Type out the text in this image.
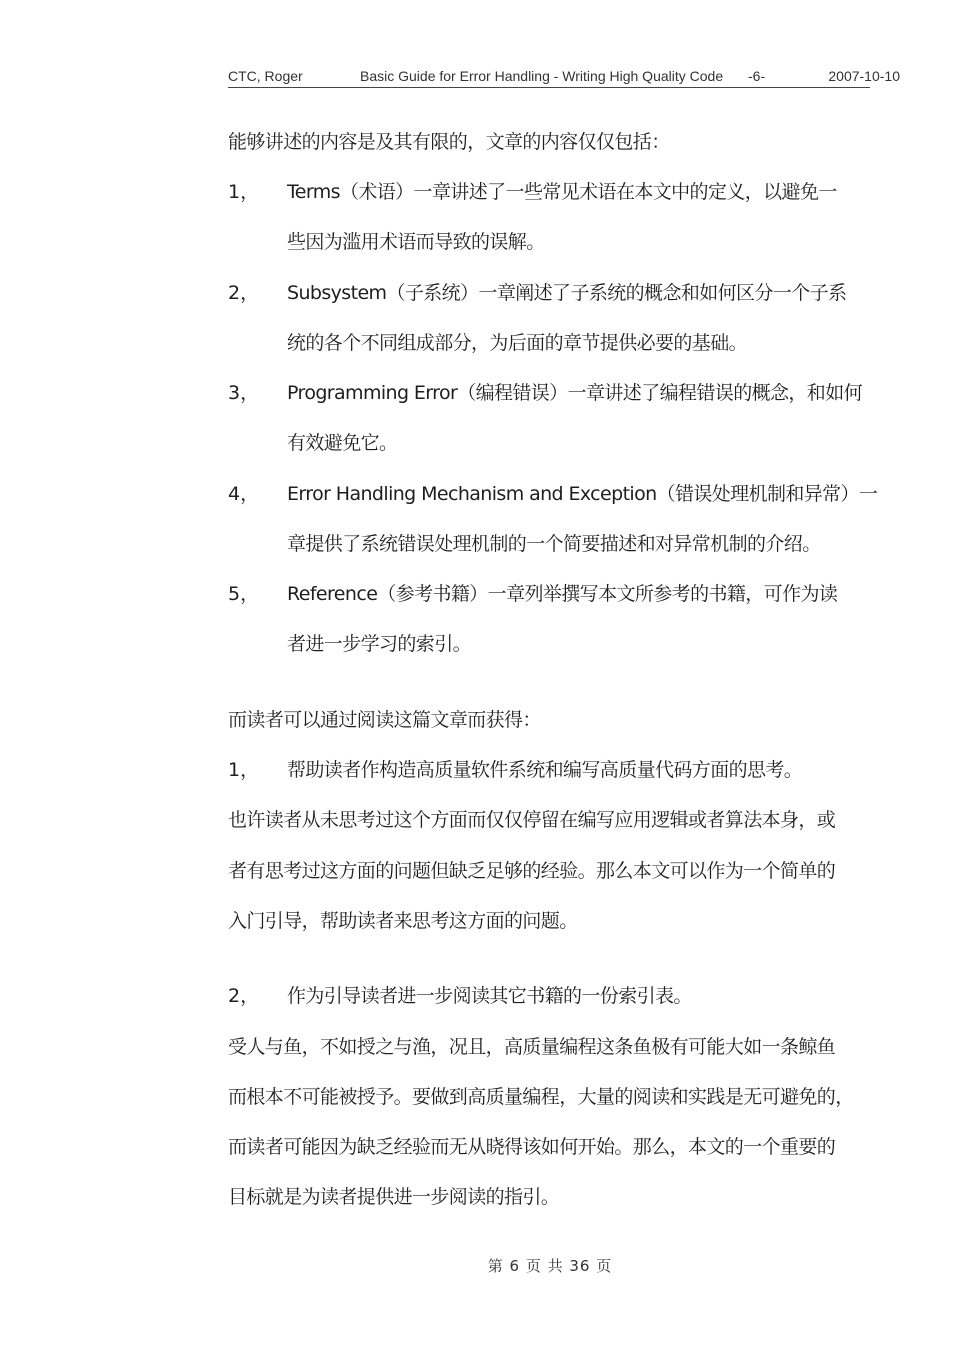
CTC, Roger	Basic Guide for Error Handling - Writing High Quality Code -6-	2007-10-10
能够讲述的内容是及其有限的，文章的内容仅仅包括：
1， Terms（术语）一章讲述了一些常见术语在本文中的定义，以避免一
些因为滥用术语而导致的误解。
2， Subsystem（子系统）一章阐述了子系统的概念和如何区分一个子系
统的各个不同组成部分，为后面的章节提供必要的基础。
3， Programming Error（编程错误）一章讲述了编程错误的概念，和如何
有效避免它。
4， Error Handling Mechanism and Exception（错误处理机制和异常）一
章提供了系统错误处理机制的一个简要描述和对异常机制的介绍。
5， Reference（参考书籍）一章列举撰写本文所参考的书籍，可作为读
者进一步学习的索引。
而读者可以通过阅读这篇文章而获得：
1， 帮助读者作构造高质量软件系统和编写高质量代码方面的思考。
也许读者从未思考过这个方面而仅仅停留在编写应用逻辑或者算法本身，或
者有思考过这方面的问题但缺乏足够的经验。那么本文可以作为一个简单的
入门引导，帮助读者来思考这方面的问题。
2， 作为引导读者进一步阅读其它书籍的一份索引表。
受人与鱼，不如授之与渔，况且，高质量编程这条鱼极有可能大如一条鲸鱼
而根本不可能被授予。要做到高质量编程，大量的阅读和实践是无可避免的，
而读者可能因为缺乏经验而无从晓得该如何开始。那么，本文的一个重要的
目标就是为读者提供进一步阅读的指引。
第 6 页 共 36 页
